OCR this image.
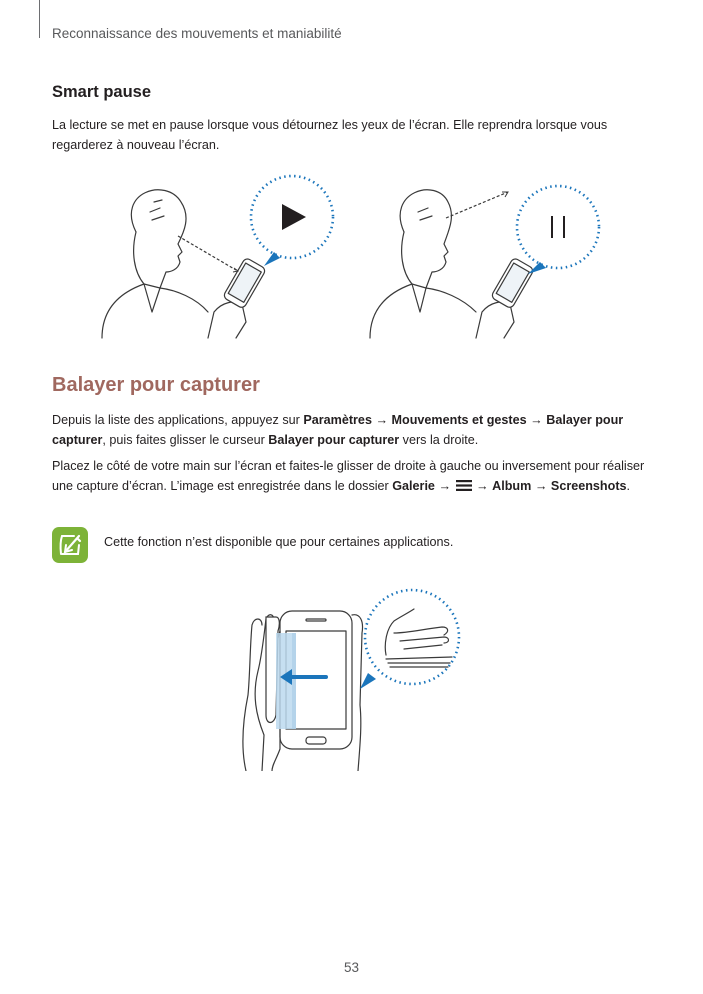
Reconnaissance des mouvements et maniabilité
Smart pause
La lecture se met en pause lorsque vous détournez les yeux de l’écran. Elle reprendra lorsque vous regarderez à nouveau l’écran.
Balayer pour capturer
Depuis la liste des applications, appuyez sur Paramètres → Mouvements et gestes → Balayer pour capturer, puis faites glisser le curseur Balayer pour capturer vers la droite.
Placez le côté de votre main sur l’écran et faites-le glisser de droite à gauche ou inversement pour réaliser une capture d’écran. L’image est enregistrée dans le dossier Galerie → → Album → Screenshots.
Cette fonction n’est disponible que pour certaines applications.
53
